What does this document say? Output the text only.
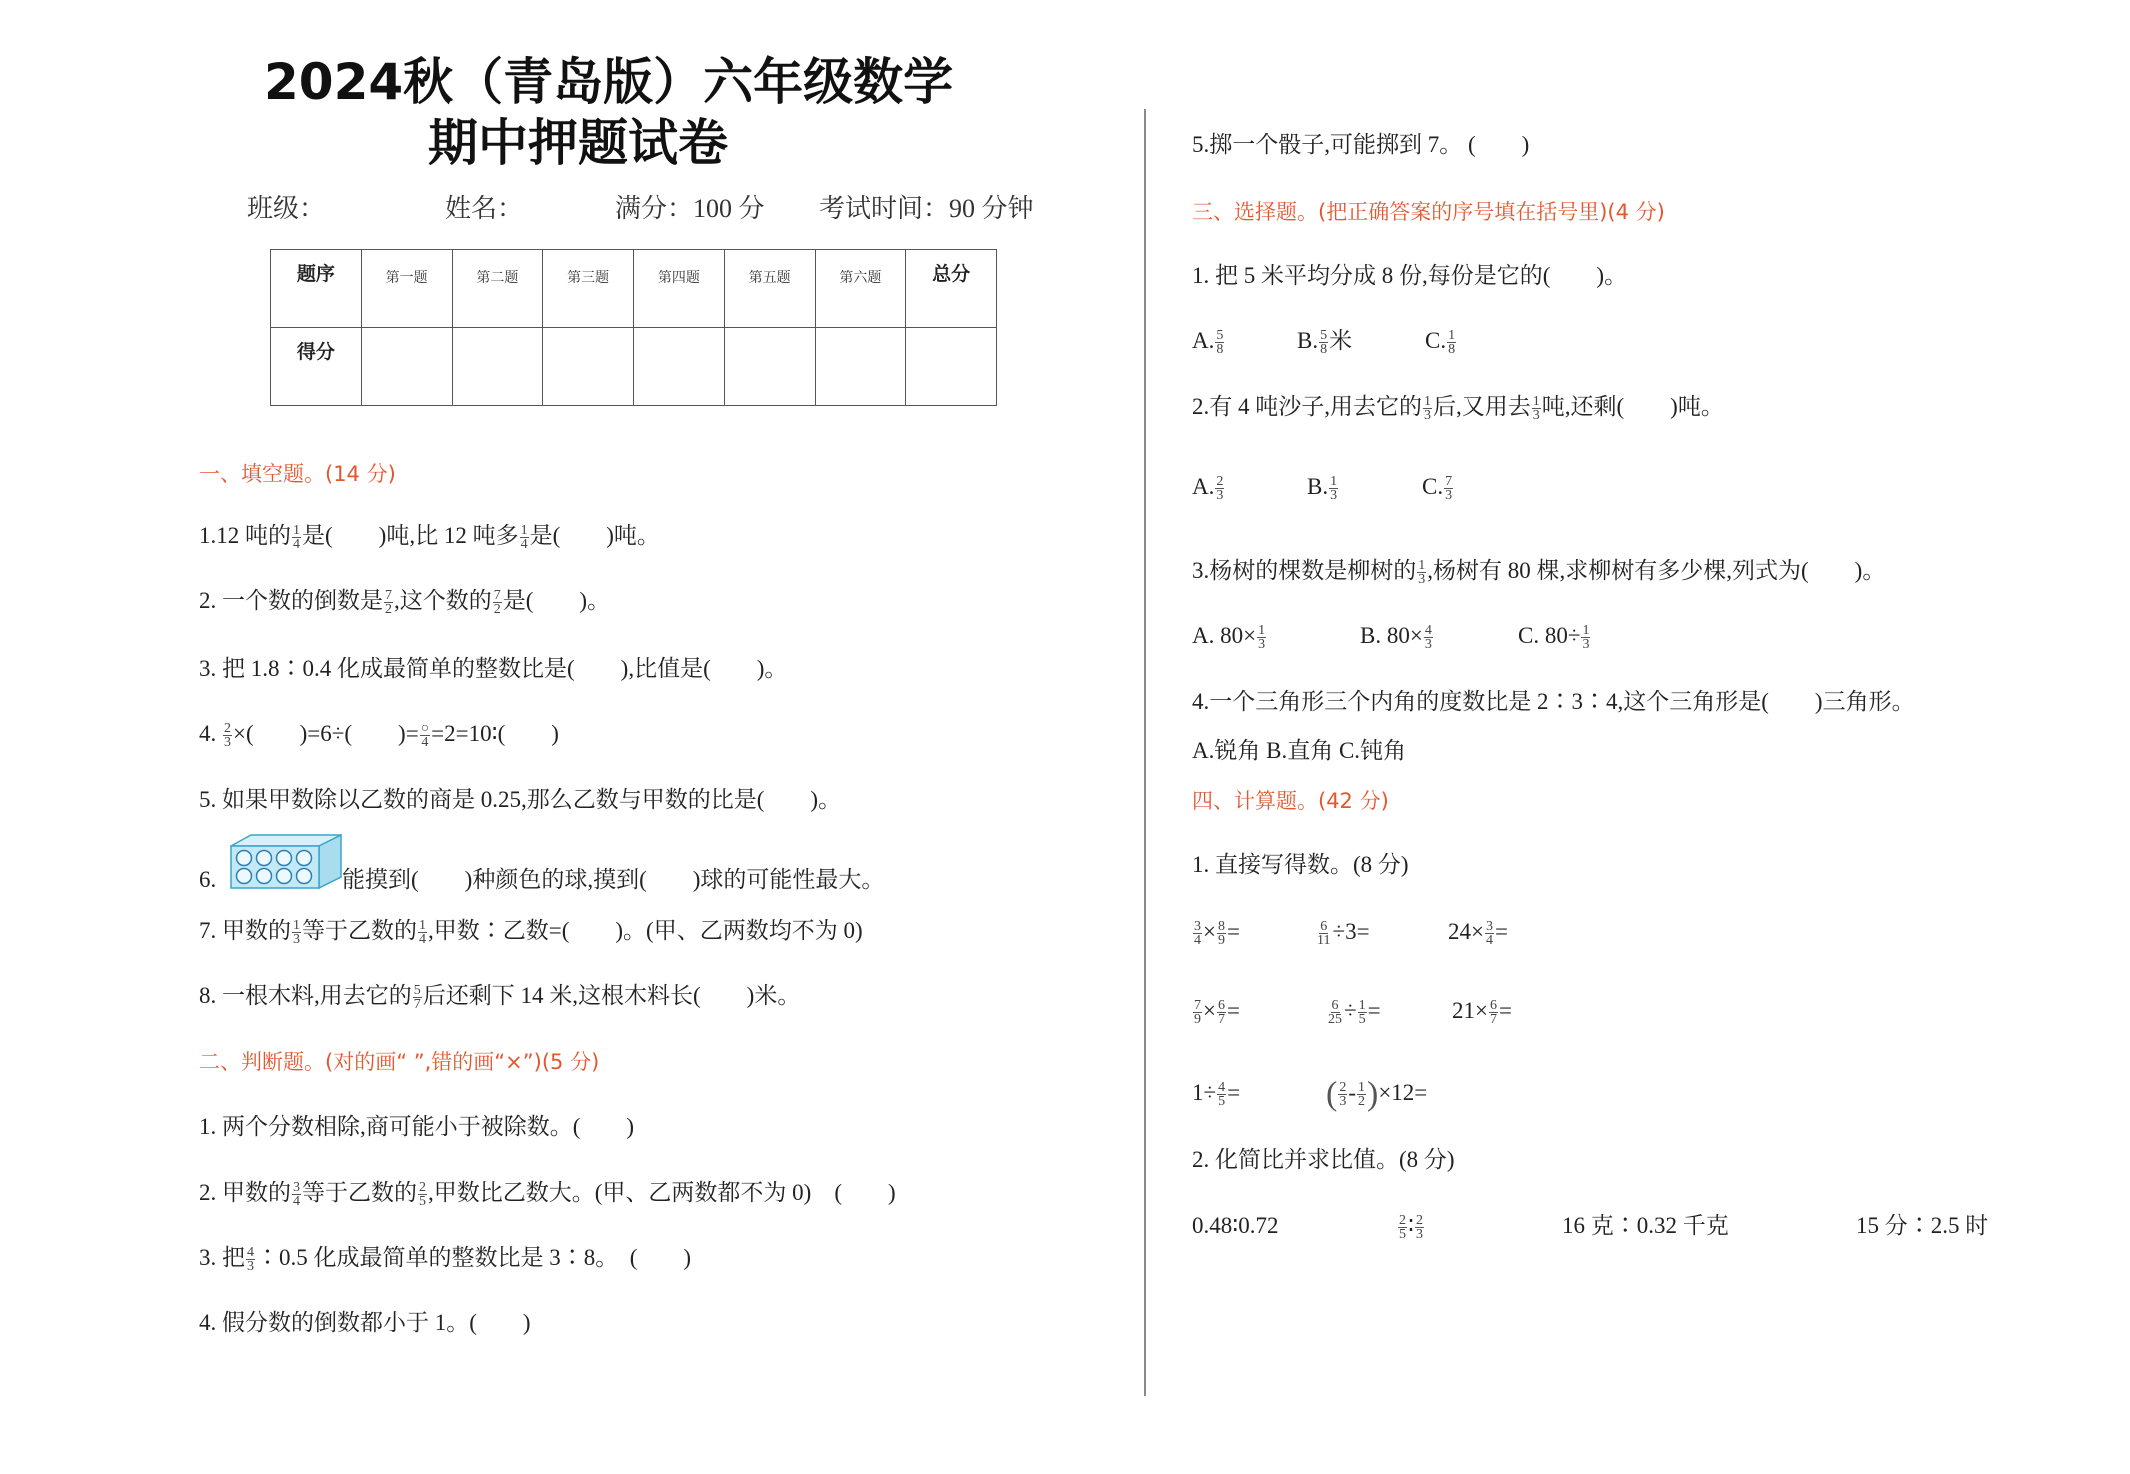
2024秋（青岛版）六年级数学
期中押题试卷
班级：	姓名：	满分：100 分 考试时间：90 分钟
题序	第一题	第二题	第三题	第四题	第五题	第六题	总分
得分							
一、填空题。(14 分)
1.12 吨的 $\frac{1}{4}$ 是(　　)吨,比 12 吨多 $\frac{1}{4}$ 是(　　)吨。
2. 一个数的倒数是 $\frac{7}{2}$ ,这个数的 $\frac{7}{2}$ 是(　　)。
3. 把 1.8∶0.4 化成最简单的整数比是(　　),比值是(　　)。
4. $\frac{2}{3}$ ×(　　)=6÷(　　)= $\frac{○}{4}$ =2=10∶(　　)
5. 如果甲数除以乙数的商是 0.25,那么乙数与甲数的比是(　　)。
6.	能摸到(　　)种颜色的球,摸到(　　)球的可能性最大。
7. 甲数的 $\frac{1}{3}$ 等于乙数的 $\frac{1}{4}$ ,甲数∶乙数=(　　)。(甲、乙两数均不为 0)
8. 一根木料,用去它的 $\frac{5}{7}$ 后还剩下 14 米,这根木料长(　　)米。
二、判断题。(对的画“ ”,错的画“×”)(5 分)
1. 两个分数相除,商可能小于被除数。(　　)
2. 甲数的 $\frac{3}{4}$ 等于乙数的 $\frac{2}{5}$ ,甲数比乙数大。(甲、乙两数都不为 0)　(　　)
3. 把 $\frac{4}{3}$ ∶0.5 化成最简单的整数比是 3∶8。　(　　)
4. 假分数的倒数都小于 1。(　　)
5.掷一个骰子,可能掷到 7。 (　　)
三、选择题。(把正确答案的序号填在括号里)(4 分)
1. 把 5 米平均分成 8 份,每份是它的(　　)。
A. $\frac{5}{8}$	B. $\frac{5}{8}$ 米	C. $\frac{1}{8}$
2.有 4 吨沙子,用去它的 $\frac{1}{3}$ 后,又用去 $\frac{1}{3}$ 吨,还剩(　　)吨。
A. $\frac{2}{3}$	B. $\frac{1}{3}$	C. $\frac{7}{3}$
3.杨树的棵数是柳树的 $\frac{1}{3}$ ,杨树有 80 棵,求柳树有多少棵,列式为(　　)。
A. $80\times \frac{1}{3}$	B. $80\times \frac{4}{3}$	C. $80\div \frac{1}{3}$
4.一个三角形三个内角的度数比是 2∶3∶4,这个三角形是(　　)三角形。
A.锐角 B.直角 C.钝角
四、计算题。(42 分)
1. 直接写得数。(8 分)
$\frac{3}{4} \times \frac{8}{9}$ =	$\frac{6}{11} \div 3=$	$24\times \frac{3}{4}$ =
$\frac{7}{9} \times \frac{6}{7}$ =	$\frac{6}{25} \div \frac{1}{5}$ =	$21\times \frac{6}{7}$ =
$1\div \frac{4}{5}$ =	( $\frac{2}{3} - \frac{1}{2} )\times 12=$
2. 化简比并求比值。(8 分)
0.48∶0.72	$\frac{2}{5}$ ∶ $\frac{2}{3}$	16 克∶0.32 千克	15 分∶2.5 时
